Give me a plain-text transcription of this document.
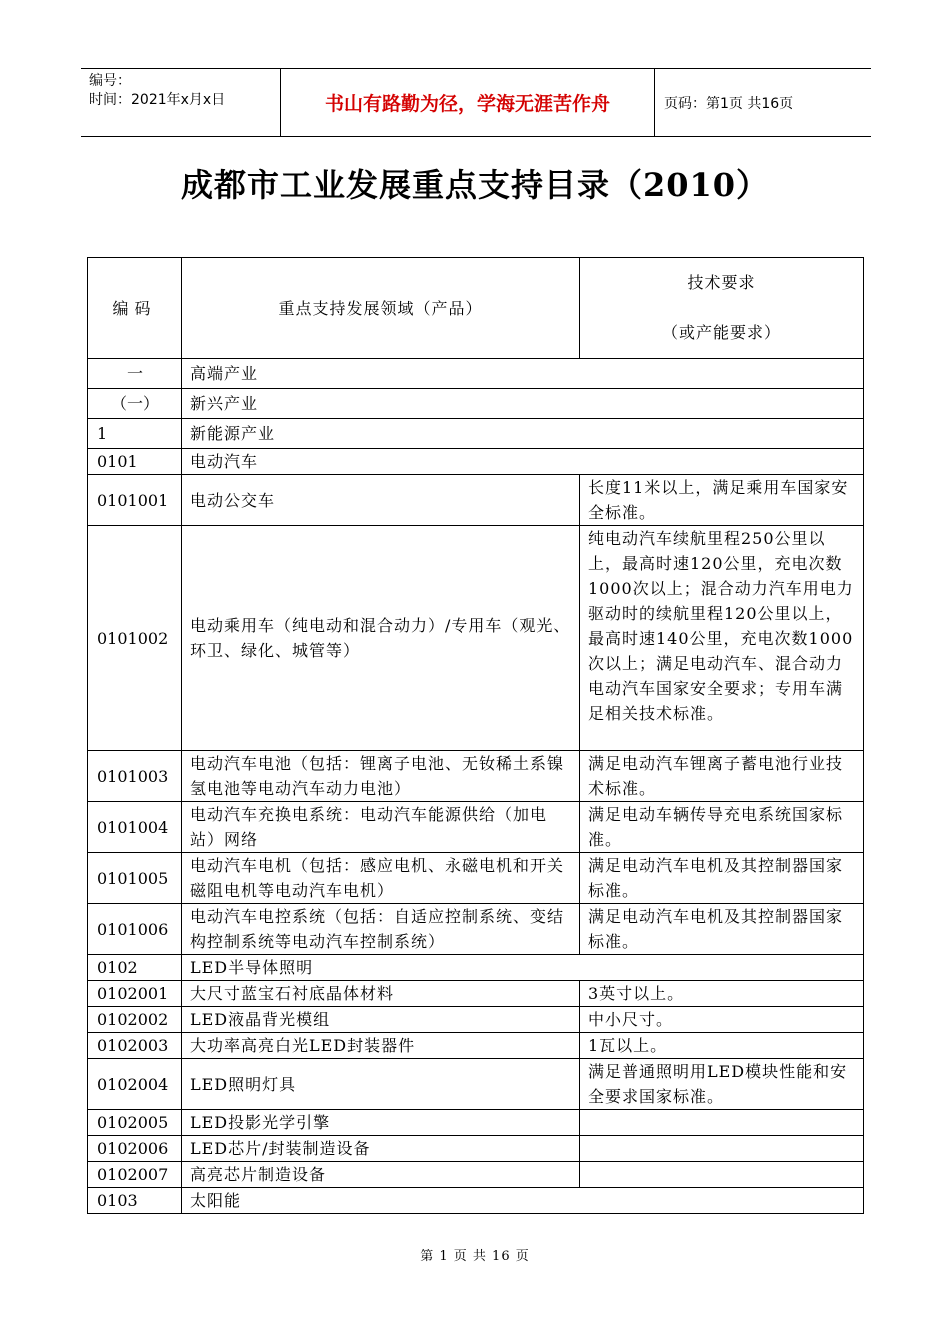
编号：
时间：2021年x月x日	书山有路勤为径，学海无涯苦作舟	页码：第1页 共16页
成都市工业发展重点支持目录（2010）
编码	重点支持发展领域（产品）	技术要求
（或产能要求）

一	高端产业	
（一）	新兴产业	
1	新能源产业	
0101	电动汽车	
0101001	电动公交车	长度11米以上，满足乘用车国家安全标准。
0101002	电动乘用车（纯电动和混合动力）/专用车（观光、环卫、绿化、城管等）	纯电动汽车续航里程250公里以上，最高时速120公里，充电次数1000次以上；混合动力汽车用电力驱动时的续航里程120公里以上，最高时速140公里，充电次数1000次以上；满足电动汽车、混合动力电动汽车国家安全要求；专用车满足相关技术标准。
0101003	电动汽车电池（包括：锂离子电池、无钕稀土系镍氢电池等电动汽车动力电池）	满足电动汽车锂离子蓄电池行业技术标准。
0101004	电动汽车充换电系统：电动汽车能源供给（加电站）网络	满足电动车辆传导充电系统国家标准。
0101005	电动汽车电机（包括：感应电机、永磁电机和开关磁阻电机等电动汽车电机）	满足电动汽车电机及其控制器国家标准。
0101006	电动汽车电控系统（包括：自适应控制系统、变结构控制系统等电动汽车控制系统）	满足电动汽车电机及其控制器国家标准。
0102	LED半导体照明	
0102001	大尺寸蓝宝石衬底晶体材料	3英寸以上。
0102002	LED液晶背光模组	中小尺寸。
0102003	大功率高亮白光LED封装器件	1瓦以上。
0102004	LED照明灯具	满足普通照明用LED模块性能和安全要求国家标准。
0102005	LED投影光学引擎	
0102006	LED芯片/封装制造设备	
0102007	高亮芯片制造设备	
0103	太阳能	
第 1 页 共 16 页
